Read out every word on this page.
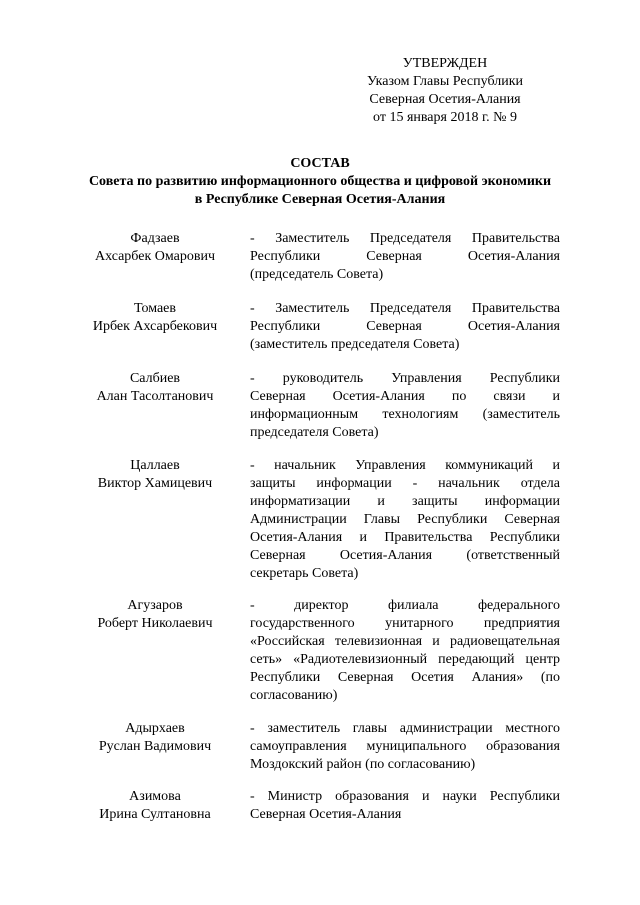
УТВЕРЖДЕН
Указом Главы Республики
Северная Осетия-Алания
от 15 января 2018 г. № 9
СОСТАВ
Совета по развитию информационного общества и цифровой экономики
в Республике Северная Осетия-Алания
Фадзаев
Ахсарбек Омарович
- Заместитель Председателя Правительства
Республики Северная Осетия-Алания
(председатель Совета)
Томаев
Ирбек Ахсарбекович
- Заместитель Председателя Правительства
Республики Северная Осетия-Алания
(заместитель председателя Совета)
Салбиев
Алан Тасолтанович
- руководитель Управления Республики
Северная Осетия-Алания по связи и
информационным технологиям (заместитель
председателя Совета)
Цаллаев
Виктор Хамицевич
- начальник Управления коммуникаций и
защиты информации - начальник отдела
информатизации и защиты информации
Администрации Главы Республики Северная
Осетия-Алания и Правительства Республики
Северная Осетия-Алания (ответственный
секретарь Совета)
Агузаров
Роберт Николаевич
- директор филиала федерального
государственного унитарного предприятия
«Российская телевизионная и радиовещательная
сеть» «Радиотелевизионный передающий центр
Республики Северная Осетия Алания» (по
согласованию)
Адырхаев
Руслан Вадимович
- заместитель главы администрации местного
самоуправления муниципального образования
Моздокский район (по согласованию)
Азимова
Ирина Султановна
- Министр образования и науки Республики
Северная Осетия-Алания
